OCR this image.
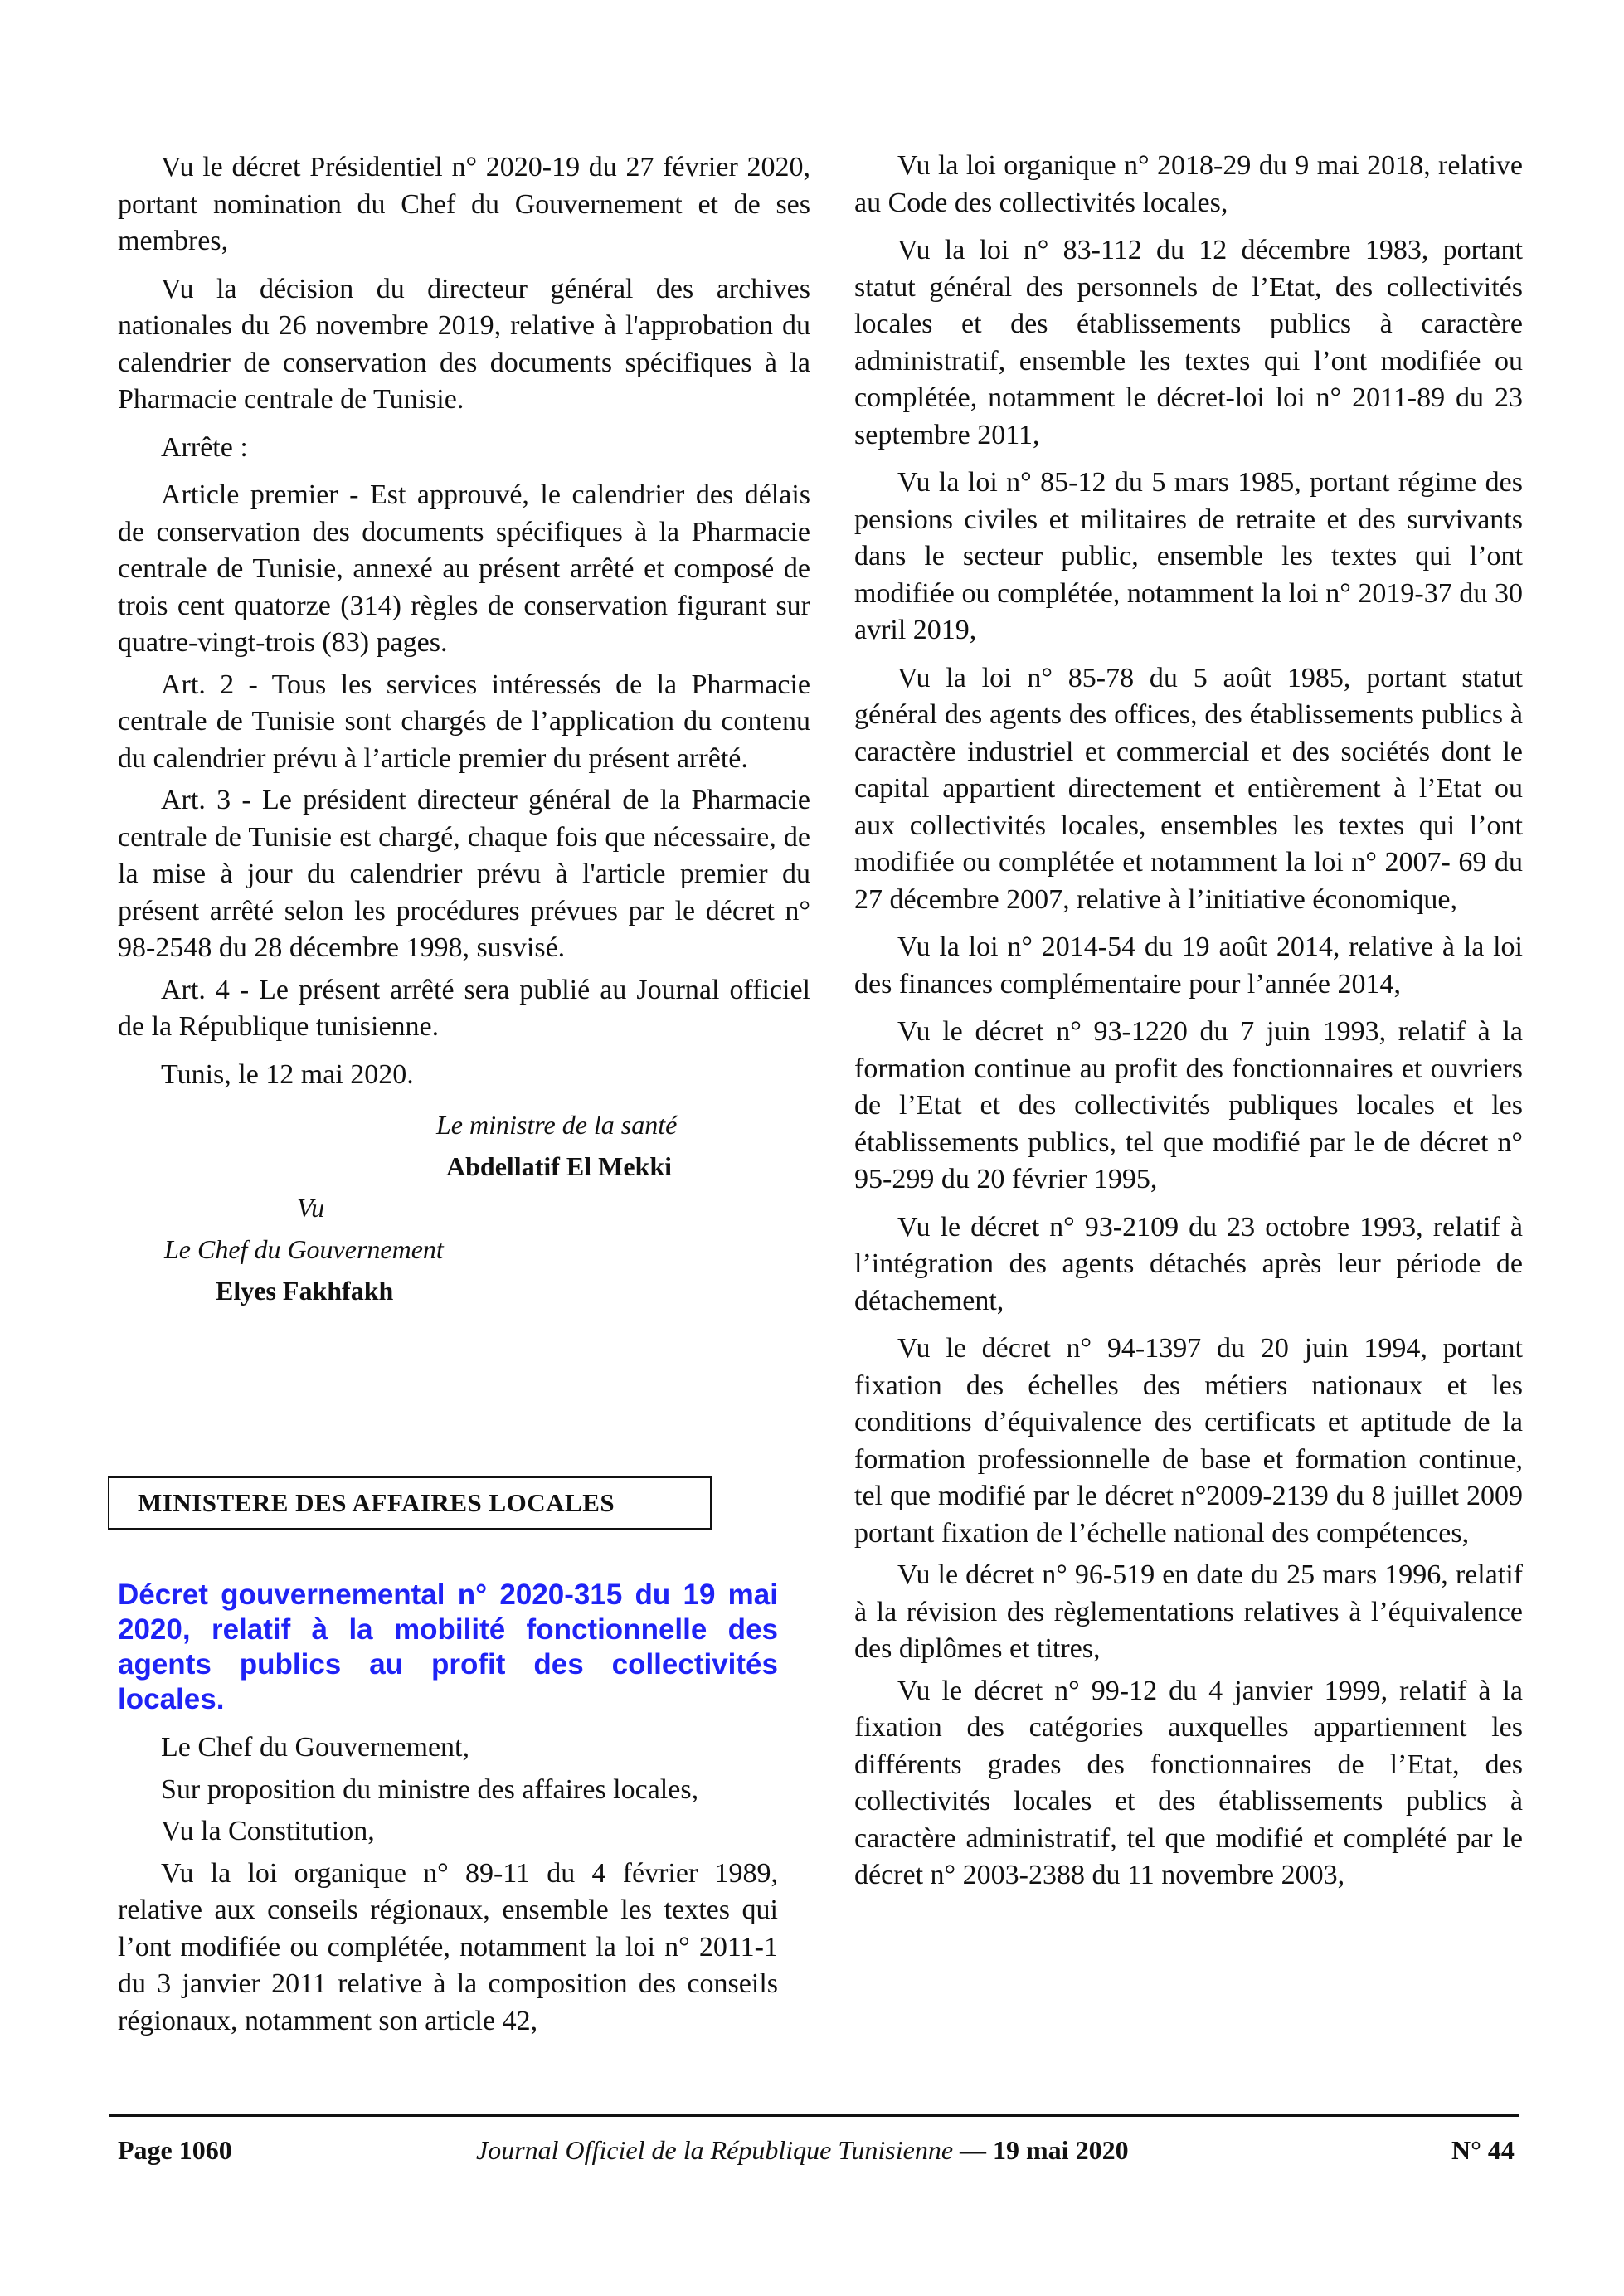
Vu le décret Présidentiel n° 2020-19 du 27 février 2020, portant nomination du Chef du Gouvernement et de ses membres,

Vu la décision du directeur général des archives nationales du 26 novembre 2019, relative à l'approbation du calendrier de conservation des documents spécifiques à la Pharmacie centrale de Tunisie.

Arrête :

Article premier - Est approuvé, le calendrier des délais de conservation des documents spécifiques à la Pharmacie centrale de Tunisie, annexé au présent arrêté et composé de trois cent quatorze (314) règles de conservation figurant sur quatre-vingt-trois (83) pages.

Art. 2 - Tous les services intéressés de la Pharmacie centrale de Tunisie sont chargés de l’application du contenu du calendrier prévu à l’article premier du présent arrêté.

Art. 3 - Le président directeur général de la Pharmacie centrale de Tunisie est chargé, chaque fois que nécessaire, de la mise à jour du calendrier prévu à l'article premier du présent arrêté selon les procédures prévues par le décret n° 98-2548 du 28 décembre 1998, susvisé.

Art. 4 - Le présent arrêté sera publié au Journal officiel de la République tunisienne.

Tunis, le 12 mai 2020.

Le ministre de la santé
Abdellatif El Mekki
Vu
Le Chef du Gouvernement
Elyes Fakhfakh
MINISTERE DES AFFAIRES LOCALES

Décret gouvernemental n° 2020-315 du 19 mai 2020, relatif à la mobilité fonctionnelle des agents publics au profit des collectivités locales.

Le Chef du Gouvernement,

Sur proposition du ministre des affaires locales,

Vu la Constitution,

Vu la loi organique n° 89-11 du 4 février 1989, relative aux conseils régionaux, ensemble les textes qui l’ont modifiée ou complétée, notamment la loi n° 2011-1 du 3 janvier 2011 relative à la composition des conseils régionaux, notamment son article 42,

Vu la loi organique n° 2018-29 du 9 mai 2018, relative au Code des collectivités locales,

Vu la loi n° 83-112 du 12 décembre 1983, portant statut général des personnels de l’Etat, des collectivités locales et des établissements publics à caractère administratif, ensemble les textes qui l’ont modifiée ou complétée, notamment le décret-loi loi n° 2011-89 du 23 septembre 2011,

Vu la loi n° 85-12 du 5 mars 1985, portant régime des pensions civiles et militaires de retraite et des survivants dans le secteur public, ensemble les textes qui l’ont modifiée ou complétée, notamment la loi n° 2019-37 du 30 avril 2019,

Vu la loi n° 85-78 du 5 août 1985, portant statut général des agents des offices, des établissements publics à caractère industriel et commercial et des sociétés dont le capital appartient directement et entièrement à l’Etat ou aux collectivités locales, ensembles les textes qui l’ont modifiée ou complétée et notamment la loi n° 2007- 69 du 27 décembre 2007, relative à l’initiative économique,

Vu la loi n° 2014-54 du 19 août 2014, relative à la loi des finances complémentaire pour l’année 2014,

Vu le décret n° 93-1220 du 7 juin 1993, relatif à la formation continue au profit des fonctionnaires et ouvriers de l’Etat et des collectivités publiques locales et les établissements publics, tel que modifié par le de décret n° 95-299 du 20 février 1995,

Vu le décret n° 93-2109 du 23 octobre 1993, relatif à l’intégration des agents détachés après leur période de détachement,

Vu le décret n° 94-1397 du 20 juin 1994, portant fixation des échelles des métiers nationaux et les conditions d’équivalence des certificats et aptitude de la formation professionnelle de base et formation continue, tel que modifié par le décret n°2009-2139 du 8 juillet 2009 portant fixation de l’échelle national des compétences,

Vu le décret n° 96-519 en date du 25 mars 1996, relatif à la révision des règlementations relatives à l’équivalence des diplômes et titres,

Vu le décret n° 99-12 du 4 janvier 1999, relatif à la fixation des catégories auxquelles appartiennent les différents grades des fonctionnaires de l’Etat, des collectivités locales et des établissements publics à caractère administratif, tel que modifié et complété par le décret n° 2003-2388 du 11 novembre 2003,

Page 1060	Journal Officiel de la République Tunisienne — 19 mai 2020	N° 44
